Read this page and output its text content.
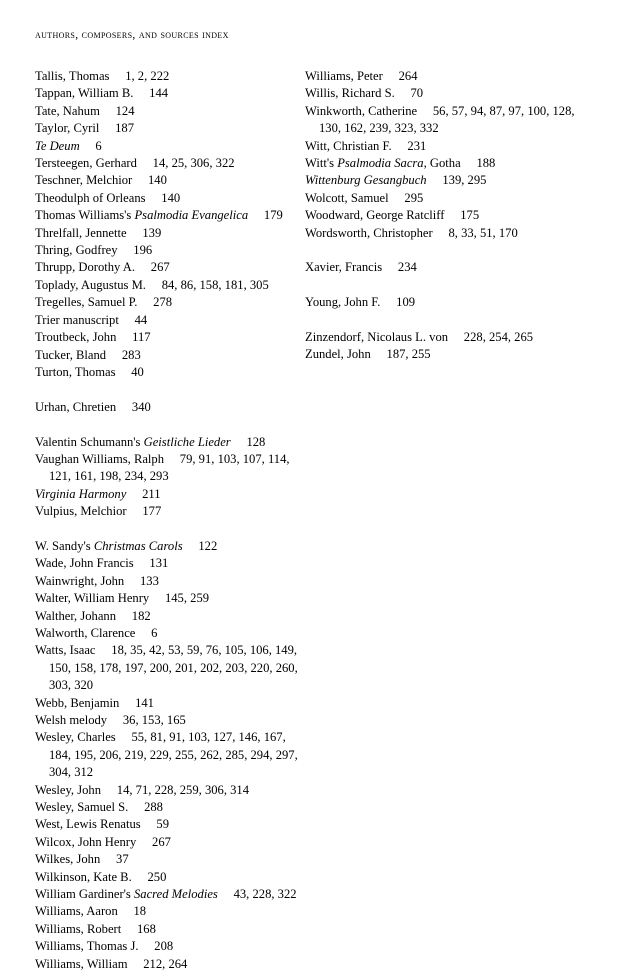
authors, composers, and sources index
Tallis, Thomas  1, 2, 222
Tappan, William B.  144
Tate, Nahum  124
Taylor, Cyril  187
Te Deum  6
Tersteegen, Gerhard  14, 25, 306, 322
Teschner, Melchior  140
Theodulph of Orleans  140
Thomas Williams's Psalmodia Evangelica  179
Threlfall, Jennette  139
Thring, Godfrey  196
Thrupp, Dorothy A.  267
Toplady, Augustus M.  84, 86, 158, 181, 305
Tregelles, Samuel P.  278
Trier manuscript  44
Troutbeck, John  117
Tucker, Bland  283
Turton, Thomas  40
Urhan, Chretien  340
Valentin Schumann's Geistliche Lieder  128
Vaughan Williams, Ralph  79, 91, 103, 107, 114, 121, 161, 198, 234, 293
Virginia Harmony  211
Vulpius, Melchior  177
W. Sandy's Christmas Carols  122
Wade, John Francis  131
Wainwright, John  133
Walter, William Henry  145, 259
Walther, Johann  182
Walworth, Clarence  6
Watts, Isaac  18, 35, 42, 53, 59, 76, 105, 106, 149, 150, 158, 178, 197, 200, 201, 202, 203, 220, 260, 303, 320
Webb, Benjamin  141
Welsh melody  36, 153, 165
Wesley, Charles  55, 81, 91, 103, 127, 146, 167, 184, 195, 206, 219, 229, 255, 262, 285, 294, 297, 304, 312
Wesley, John  14, 71, 228, 259, 306, 314
Wesley, Samuel S.  288
West, Lewis Renatus  59
Wilcox, John Henry  267
Wilkes, John  37
Wilkinson, Kate B.  250
William Gardiner's Sacred Melodies  43, 228, 322
Williams, Aaron  18
Williams, Robert  168
Williams, Thomas J.  208
Williams, William  212, 264
Williams, Peter  264
Willis, Richard S.  70
Winkworth, Catherine  56, 57, 94, 87, 97, 100, 128, 130, 162, 239, 323, 332
Witt, Christian F.  231
Witt's Psalmodia Sacra, Gotha  188
Wittenburg Gesangbuch  139, 295
Wolcott, Samuel  295
Woodward, George Ratcliff  175
Wordsworth, Christopher  8, 33, 51, 170
Xavier, Francis  234
Young, John F.  109
Zinzendorf, Nicolaus L. von  228, 254, 265
Zundel, John  187, 255
